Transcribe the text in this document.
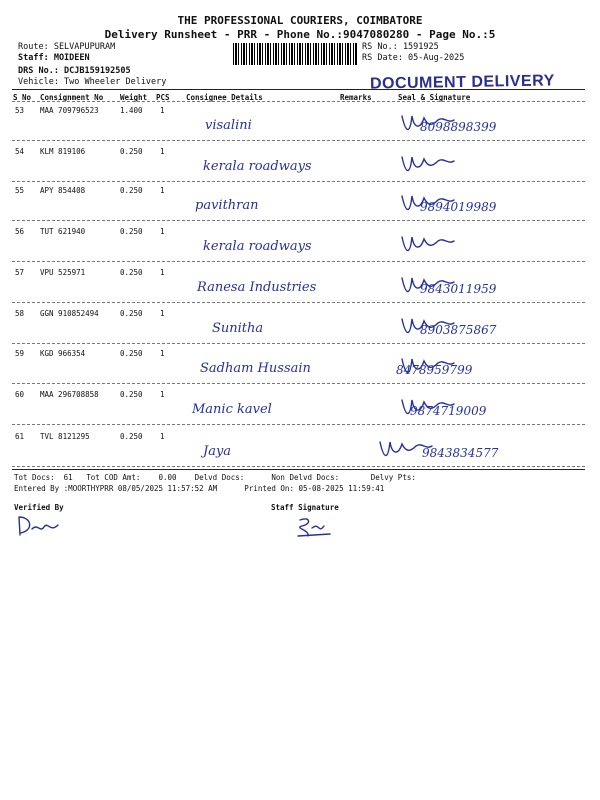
THE PROFESSIONAL COURIERS, COIMBATORE
Delivery Runsheet - PRR - Phone No.:9047080280 - Page No.:5
Route: SELVAPUPURAM
Staff: MOIDEEN
DRS No.: DCJB159192505
Vehicle: Two Wheeler Delivery
RS No.: 1591925
RS Date: 05-Aug-2025
DOCUMENT DELIVERY
S No Consignment No Weight PCS Consignee Details	Remarks	Seal & Signature
53 MAA 709796523	1.400 1
visalini	8098898399
54 KLM 819106	0.250 1
kerala roadways
55 APY 854408	0.250 1
pavithran	9894019989
56 TUT 621940	0.250 1
kerala roadways
57 VPU 525971	0.250 1
Ranesa Industries	9843011959
58 GGN 910852494	0.250 1
Sunitha	8903875867
59 KGD 966354	0.250 1
Sadham Hussain	8478959799
60 MAA 296708858	0.250 1
Manic kavel	9874719009
61 TVL 8121295	0.250 1
Jaya	9843834577
Tot Docs:  61   Tot COD Amt:    0.00    Delvd Docs:      Non Delvd Docs:       Delvy Pts:
Entered By :MOORTHYPRR 08/05/2025 11:57:52 AM      Printed On: 05-08-2025 11:59:41
Verified By	Staff Signature
